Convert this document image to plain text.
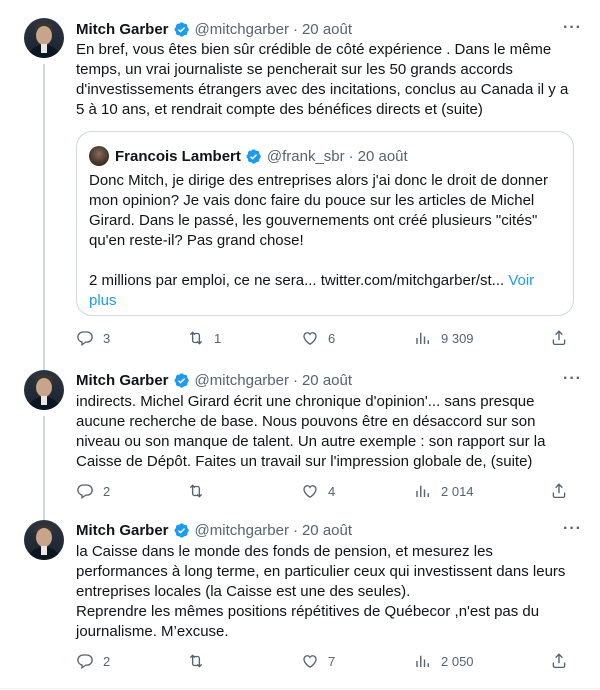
Mitch Garber @mitchgarber · 20 août	···
En bref, vous êtes bien sûr crédible de côté expérience . Dans le même temps, un vrai journaliste se pencherait sur les 50 grands accords d'investissements étrangers avec des incitations, conclus au Canada il y a 5 à 10 ans, et rendrait compte des bénéfices directs et (suite)
Francois Lambert @frank_sbr · 20 août
Donc Mitch, je dirige des entreprises alors j'ai donc le droit de donner mon opinion? Je vais donc faire du pouce sur les articles de Michel Girard. Dans le passé, les gouvernements ont créé plusieurs "cités" qu'en reste-il? Pas grand chose!

2 millions par emploi, ce ne sera... twitter.com/mitchgarber/st... Voir plus
3	1	6	9 309
Mitch Garber @mitchgarber · 20 août	···
indirects. Michel Girard écrit une chronique d'opinion'... sans presque aucune recherche de base. Nous pouvons être en désaccord sur son niveau ou son manque de talent. Un autre exemple : son rapport sur la Caisse de Dépôt. Faites un travail sur l'impression globale de, (suite)
2	4	2 014
Mitch Garber @mitchgarber · 20 août	···
la Caisse dans le monde des fonds de pension, et mesurez les performances à long terme, en particulier ceux qui investissent dans leurs entreprises locales (la Caisse est une des seules).
Reprendre les mêmes positions répétitives de Québecor ,n'est pas du journalisme. M’excuse.
2	7	2 050
